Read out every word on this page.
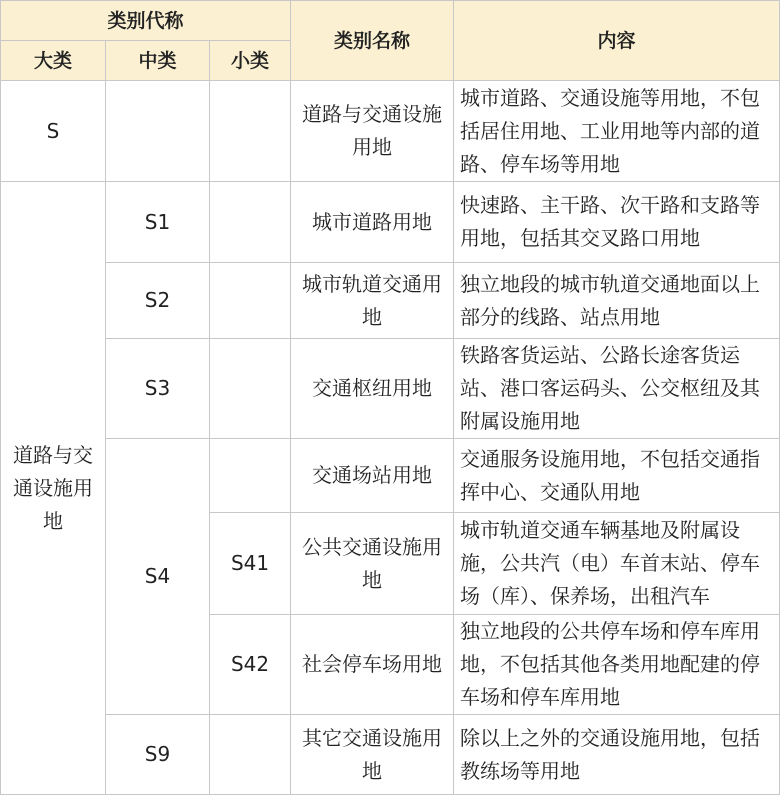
类别代称			类别名称	内容
大类	中类	小类		
S			道路与交通设施用地	城市道路、交通设施等用地，不包括居住用地、工业用地等内部的道路、停车场等用地
道路与交通设施用地	S1		城市道路用地	快速路、主干路、次干路和支路等用地，包括其交叉路口用地
	S2		城市轨道交通用地	独立地段的城市轨道交通地面以上部分的线路、站点用地
	S3		交通枢纽用地	铁路客货运站、公路长途客货运站、港口客运码头、公交枢纽及其附属设施用地
	S4		交通场站用地	交通服务设施用地，不包括交通指挥中心、交通队用地
		S41	公共交通设施用地	城市轨道交通车辆基地及附属设施，公共汽（电）车首末站、停车场（库）、保养场，出租汽车
		S42	社会停车场用地	独立地段的公共停车场和停车库用地，不包括其他各类用地配建的停车场和停车库用地
	S9		其它交通设施用地	除以上之外的交通设施用地，包括教练场等用地
